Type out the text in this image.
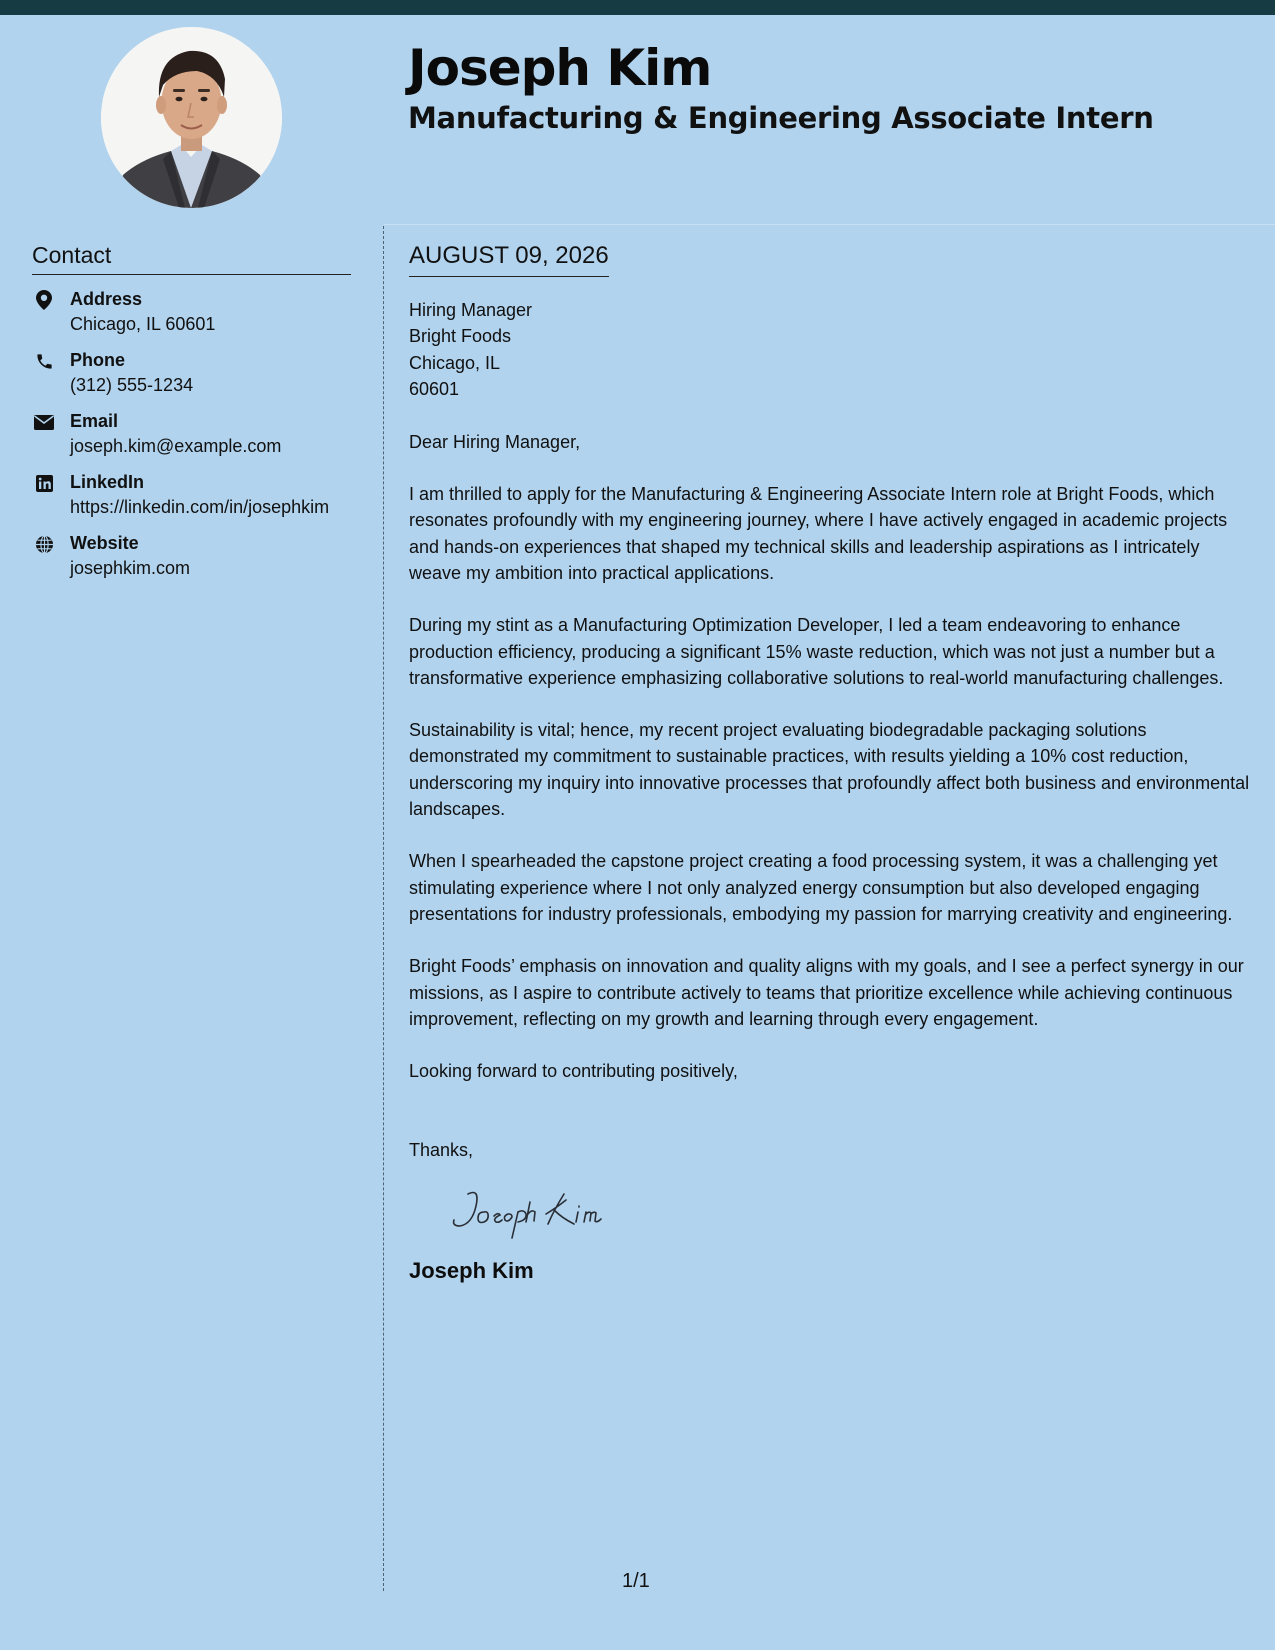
Joseph Kim
Manufacturing & Engineering Associate Intern
Contact
Address
Chicago, IL 60601
Phone
(312) 555-1234
Email
joseph.kim@example.com
LinkedIn
https://linkedin.com/in/josephkim
Website
josephkim.com
AUGUST 09, 2026
Hiring Manager
Bright Foods
Chicago, IL
60601

Dear Hiring Manager,

I am thrilled to apply for the Manufacturing & Engineering Associate Intern role at Bright Foods, which resonates profoundly with my engineering journey, where I have actively engaged in academic projects and hands-on experiences that shaped my technical skills and leadership aspirations as I intricately weave my ambition into practical applications.

During my stint as a Manufacturing Optimization Developer, I led a team endeavoring to enhance production efficiency, producing a significant 15% waste reduction, which was not just a number but a transformative experience emphasizing collaborative solutions to real-world manufacturing challenges.

Sustainability is vital; hence, my recent project evaluating biodegradable packaging solutions demonstrated my commitment to sustainable practices, with results yielding a 10% cost reduction, underscoring my inquiry into innovative processes that profoundly affect both business and environmental landscapes.

When I spearheaded the capstone project creating a food processing system, it was a challenging yet stimulating experience where I not only analyzed energy consumption but also developed engaging presentations for industry professionals, embodying my passion for marrying creativity and engineering.

Bright Foods’ emphasis on innovation and quality aligns with my goals, and I see a perfect synergy in our missions, as I aspire to contribute actively to teams that prioritize excellence while achieving continuous improvement, reflecting on my growth and learning through every engagement.

Looking forward to contributing positively,

Thanks,

Joseph Kim
1/1
